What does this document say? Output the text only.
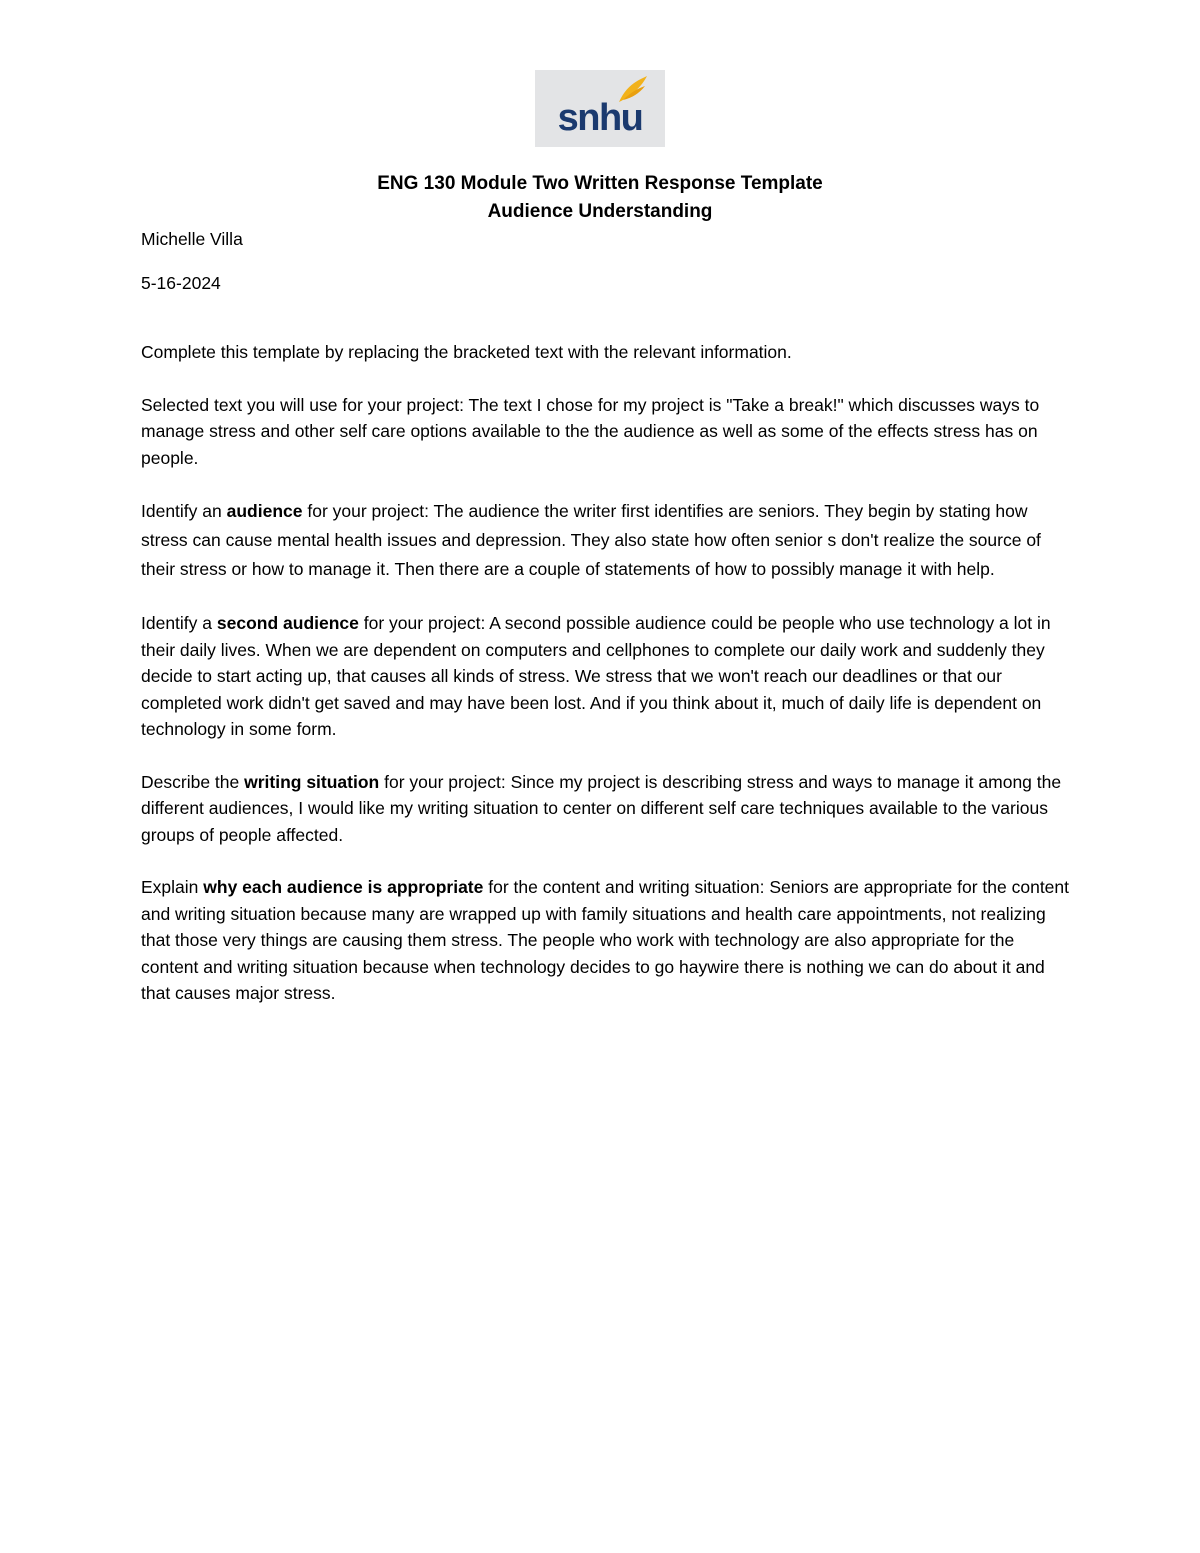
snhu
ENG 130 Module Two Written Response Template
Audience Understanding

Michelle Villa

5-16-2024

Complete this template by replacing the bracketed text with the relevant information.

Selected text you will use for your project: The text I chose for my project is "Take a break!" which discusses ways to manage stress and other self care options available to the the audience as well as some of the effects stress has on people.

Identify an audience for your project: The audience the writer first identifies are seniors. They begin by stating how stress can cause mental health issues and depression. They also state how often senior s don't realize the source of their stress or how to manage it. Then there are a couple of statements of how to possibly manage it with help.

Identify a second audience for your project: A second possible audience could be people who use technology a lot in their daily lives. When we are dependent on computers and cellphones to complete our daily work and suddenly they decide to start acting up, that causes all kinds of stress. We stress that we won't reach our deadlines or that our completed work didn't get saved and may have been lost. And if you think about it, much of daily life is dependent on technology in some form.

Describe the writing situation for your project: Since my project is describing stress and ways to manage it among the different audiences, I would like my writing situation to center on different self care techniques available to the various groups of people affected.

Explain why each audience is appropriate for the content and writing situation: Seniors are appropriate for the content and writing situation because many are wrapped up with family situations and health care appointments, not realizing that those very things are causing them stress. The people who work with technology are also appropriate for the content and writing situation because when technology decides to go haywire there is nothing we can do about it and that causes major stress.
